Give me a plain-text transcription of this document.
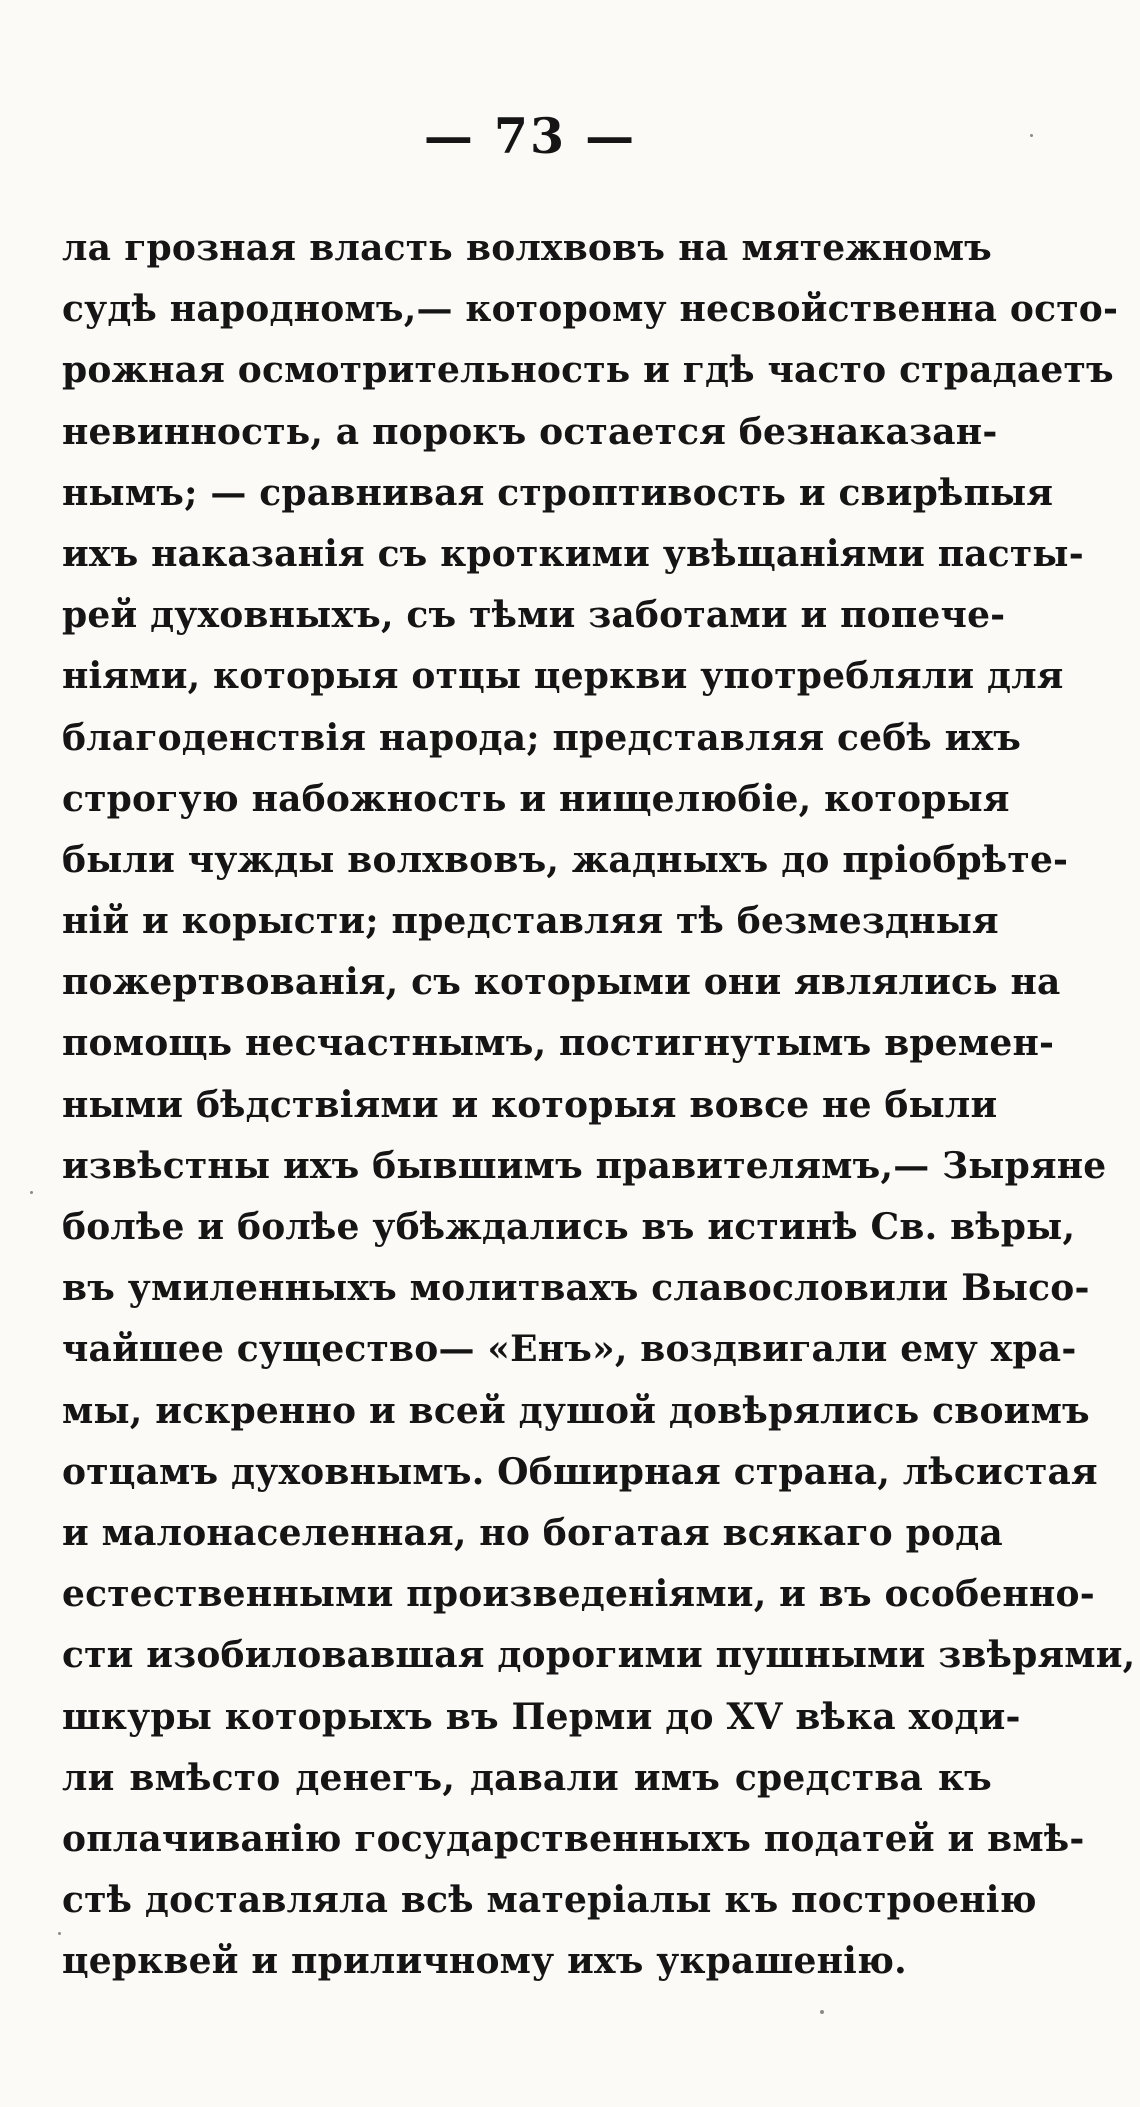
— 73 —
ла грозная власть волхвовъ на мятежномъ
судѣ народномъ,— которому несвойственна осто-
рожная осмотрительность и гдѣ часто страдаетъ
невинность, а порокъ остается безнаказан-
нымъ; — сравнивая строптивость и свирѣпыя
ихъ наказанія съ кроткими увѣщаніями пасты-
рей духовныхъ, съ тѣми заботами и попече-
ніями, которыя отцы церкви употребляли для
благоденствія народа; представляя себѣ ихъ
строгую набожность и нищелюбіе, которыя
были чужды волхвовъ, жадныхъ до пріобрѣте-
ній и корысти; представляя тѣ безмездныя
пожертвованія, съ которыми они являлись на
помощь несчастнымъ, постигнутымъ времен-
ными бѣдствіями и которыя вовсе не были
извѣстны ихъ бывшимъ правителямъ,— Зыряне
болѣе и болѣе убѣждались въ истинѣ Св. вѣры,
въ умиленныхъ молитвахъ славословили Высо-
чайшее существо— «Енъ», воздвигали ему хра-
мы, искренно и всей душой довѣрялись своимъ
отцамъ духовнымъ. Обширная страна, лѣсистая
и малонаселенная, но богатая всякаго рода
естественными произведеніями, и въ особенно-
сти изобиловавшая дорогими пушными звѣрями,
шкуры которыхъ въ Перми до XV вѣка ходи-
ли вмѣсто денегъ, давали имъ средства къ
оплачиванію государственныхъ податей и вмѣ-
стѣ доставляла всѣ матеріалы къ построенію
церквей и приличному ихъ украшенію.
